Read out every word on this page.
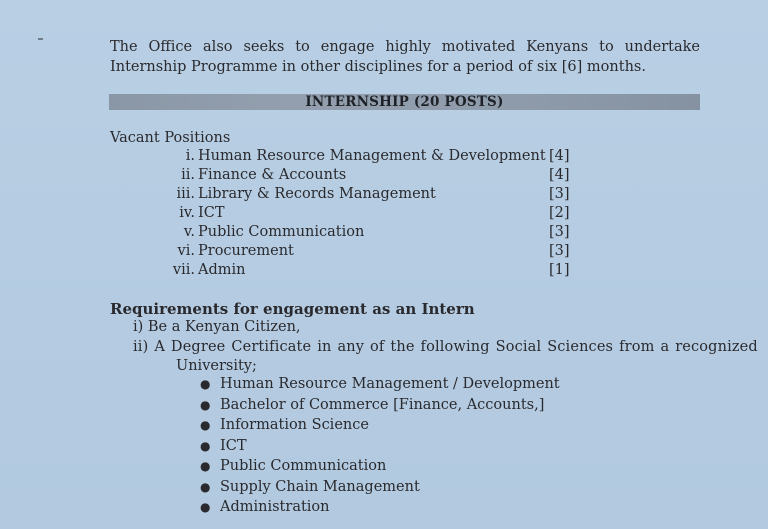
The Office also seeks to engage highly motivated Kenyans to undertake Internship Programme in other disciplines for a period of six [6] months.
INTERNSHIP (20 POSTS)
Vacant Positions
i. Human Resource Management & Development [4]
ii. Finance & Accounts	[4]
iii. Library & Records Management	[3]
iv. ICT	[2]
v. Public Communication	[3]
vi. Procurement	[3]
vii. Admin	[1]
Requirements for engagement as an Intern
i) Be a Kenyan Citizen,
ii) A Degree Certificate in any of the following Social Sciences from a recognized
University;
● Human Resource Management / Development
● Bachelor of Commerce [Finance, Accounts,]
● Information Science
● ICT
● Public Communication
● Supply Chain Management
● Administration
